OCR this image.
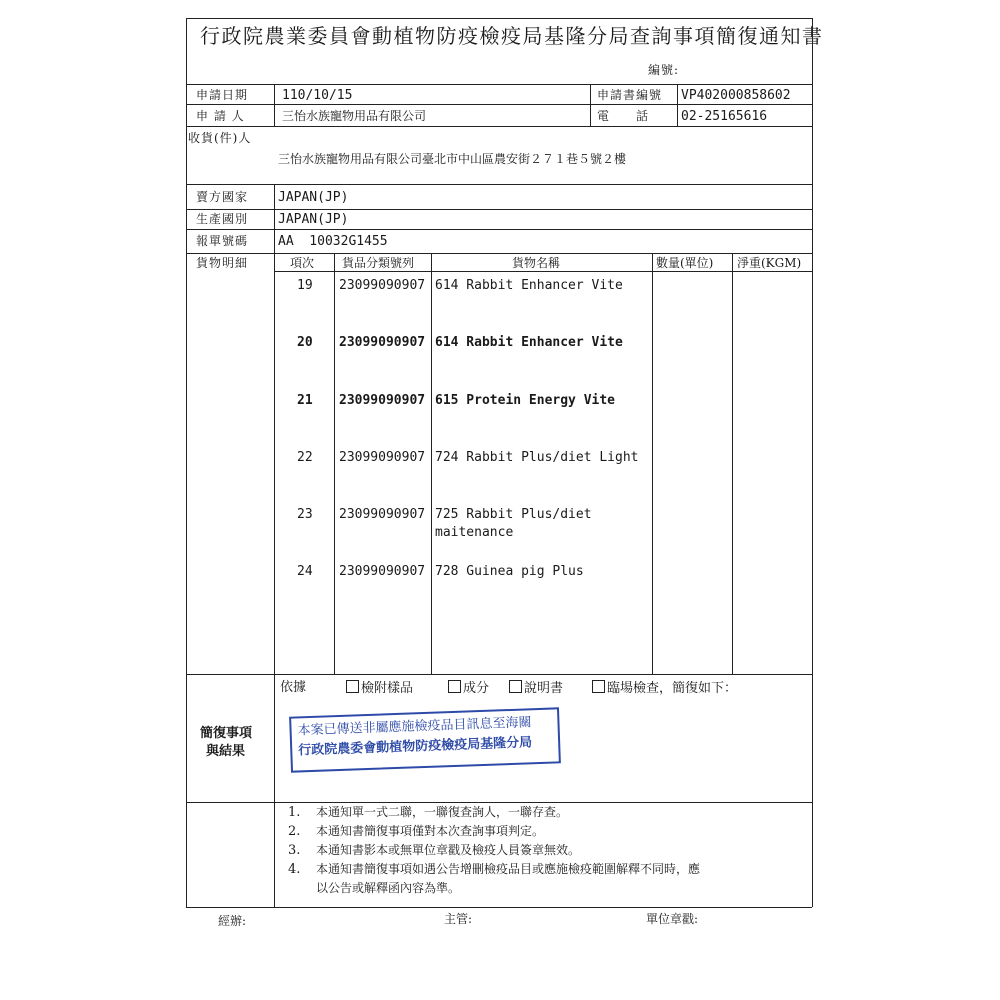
行政院農業委員會動植物防疫檢疫局基隆分局查詢事項簡復通知書
編號:
申請日期	110/10/15	申請書編號 VP402000858602
申 請 人	三怡水族寵物用品有限公司	電　　話 02-25165616
收貨(件)人
三怡水族寵物用品有限公司臺北市中山區農安街２７１巷５號２樓
賣方國家 JAPAN(JP)
生產國別 JAPAN(JP)
報單號碼 AA  10032G1455
貨物明細	項次 貨品分類號列	貨物名稱	數量(單位) 淨重(KGM)
19 23099090907 614 Rabbit Enhancer Vite
20 23099090907 614 Rabbit Enhancer Vite
21 23099090907 615 Protein Energy Vite
22 23099090907 724 Rabbit Plus/diet Light
23 23099090907 725 Rabbit Plus/diet
maitenance
24 23099090907 728 Guinea pig Plus
簡復事項
與結果
依據	檢附樣品	成分	說明書	臨場檢查，簡復如下：
本案已傳送非屬應施檢疫品目訊息至海關
行政院農委會動植物防疫檢疫局基隆分局
1. 本通知單一式二聯，一聯復查詢人，一聯存查。
2. 本通知書簡復事項僅對本次查詢事項判定。
3. 本通知書影本或無單位章戳及檢疫人員簽章無效。
4. 本通知書簡復事項如遇公告增刪檢疫品目或應施檢疫範圍解釋不同時，應
以公告或解釋函內容為準。
經辦:	主管:	單位章戳:
